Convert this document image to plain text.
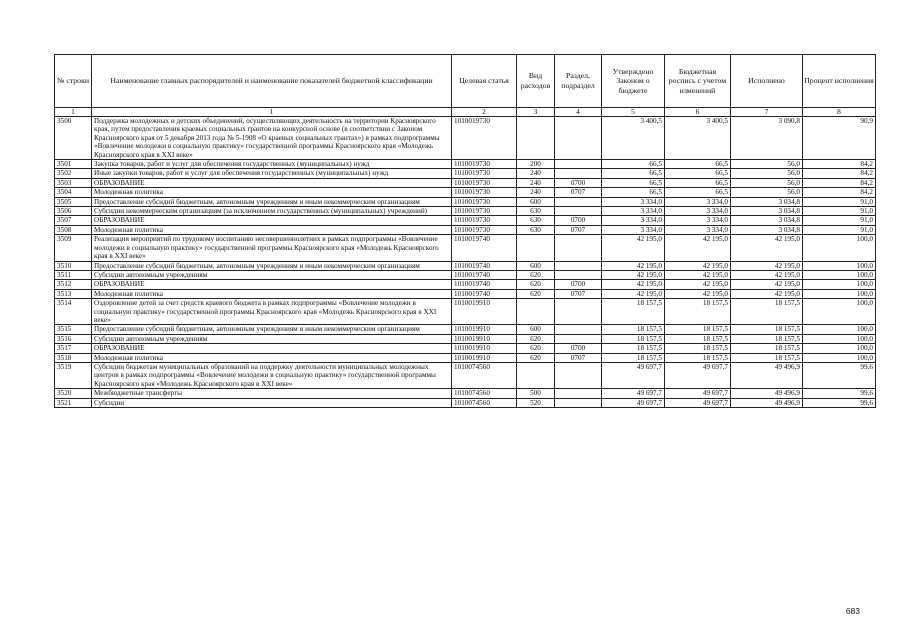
№ строки	Наименование главных распорядителей и наименование показателей бюджетной классификации	Целевая статья	Вид расходов	Раздел, подраздел	Утверждено Законом о бюджете	Бюджетная роспись с учетом изменений	Исполнено	Процент исполнения
1	1	2	3	4	5	6	7	8
3500	Поддержка молодежных и детских объединений, осуществляющих деятельность на территории Красноярского края, путем предоставления краевых социальных грантов на конкурсной основе (в соответствии с Законом Красноярского края от 5 декабря 2013 года № 5-1908 «О краевых социальных грантах») в рамках подпрограммы «Вовлечение молодежи в социальную практику» государственной программы Красноярского края «Молодежь Красноярского края в XXI веке»	1010019730			3 400,5	3 400,5	3 090,8	90,9
3501	Закупка товаров, работ и услуг для обеспечения государственных (муниципальных) нужд	1010019730	200		66,5	66,5	56,0	84,2
3502	Иные закупки товаров, работ и услуг для обеспечения государственных (муниципальных) нужд	1010019730	240		66,5	66,5	56,0	84,2
3503	ОБРАЗОВАНИЕ	1010019730	240	0700	66,5	66,5	56,0	84,2
3504	Молодежная политика	1010019730	240	0707	66,5	66,5	56,0	84,2
3505	Предоставление субсидий бюджетным, автономным учреждениям и иным некоммерческим организациям	1010019730	600		3 334,0	3 334,0	3 034,8	91,0
3506	Субсидии некоммерческим организациям (за исключением государственных (муниципальных) учреждений)	1010019730	630		3 334,0	3 334,0	3 034,8	91,0
3507	ОБРАЗОВАНИЕ	1010019730	630	0700	3 334,0	3 334,0	3 034,8	91,0
3508	Молодежная политика	1010019730	630	0707	3 334,0	3 334,0	3 034,8	91,0
3509	Реализация мероприятий по трудовому воспитанию несовершеннолетних в рамках подпрограммы «Вовлечение молодежи в социальную практику» государственной программы Красноярского края «Молодежь Красноярского края в XXI веке»	1010019740			42 195,0	42 195,0	42 195,0	100,0
3510	Предоставление субсидий бюджетным, автономным учреждениям и иным некоммерческим организациям	1010019740	600		42 195,0	42 195,0	42 195,0	100,0
3511	Субсидии автономным учреждениям	1010019740	620		42 195,0	42 195,0	42 195,0	100,0
3512	ОБРАЗОВАНИЕ	1010019740	620	0700	42 195,0	42 195,0	42 195,0	100,0
3513	Молодежная политика	1010019740	620	0707	42 195,0	42 195,0	42 195,0	100,0
3514	Оздоровление детей за счет средств краевого бюджета в рамках подпрограммы «Вовлечение молодежи в социальную практику» государственной программы Красноярского края «Молодежь Красноярского края в XXI веке»	1010019910			18 157,5	18 157,5	18 157,5	100,0
3515	Предоставление субсидий бюджетным, автономным учреждениям и иным некоммерческим организациям	1010019910	600		18 157,5	18 157,5	18 157,5	100,0
3516	Субсидии автономным учреждениям	1010019910	620		18 157,5	18 157,5	18 157,5	100,0
3517	ОБРАЗОВАНИЕ	1010019910	620	0700	18 157,5	18 157,5	18 157,5	100,0
3518	Молодежная политика	1010019910	620	0707	18 157,5	18 157,5	18 157,5	100,0
3519	Субсидии бюджетам муниципальных образований на поддержку деятельности муниципальных молодежных центров в рамках подпрограммы «Вовлечение молодежи в социальную практику» государственной программы Красноярского края «Молодежь Красноярского края в XXI веке»	1010074560			49 697,7	49 697,7	49 496,9	99,6
3520	Межбюджетные трансферты	1010074560	500		49 697,7	49 697,7	49 496,9	99,6
3521	Субсидии	1010074560	520		49 697,7	49 697,7	49 496,9	99,6
683
